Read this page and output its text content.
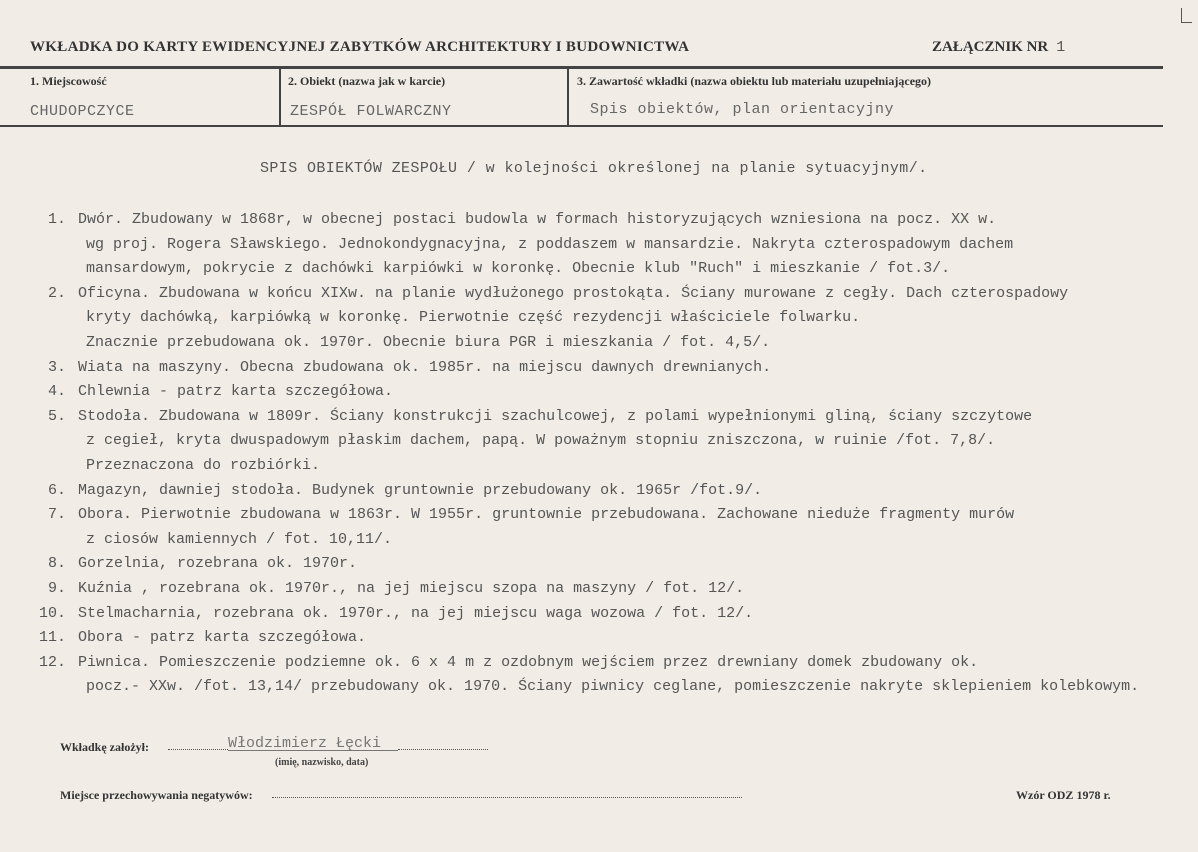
WKŁADKA DO KARTY EWIDENCYJNEJ ZABYTKÓW ARCHITEKTURY I BUDOWNICTWA	ZAŁĄCZNIK NR 1
1. Miejscowość
CHUDOPCZYCE
2. Obiekt (nazwa jak w karcie)
ZESPÓŁ FOLWARCZNY
3. Zawartość wkładki (nazwa obiektu lub materiału uzupełniającego)
Spis obiektów, plan orientacyjny
SPIS OBIEKTÓW ZESPOŁU / w kolejności określonej na planie sytuacyjnym/.
1. Dwór. Zbudowany w 1868r, w obecnej postaci budowla w formach historyzujących wzniesiona na pocz. XX w.
wg proj. Rogera Sławskiego. Jednokondygnacyjna, z poddaszem w mansardzie. Nakryta czterospadowym dachem
mansardowym, pokrycie z dachówki karpiówki w koronkę. Obecnie klub "Ruch" i mieszkanie / fot.3/.
2. Oficyna. Zbudowana w końcu XIXw. na planie wydłużonego prostokąta. Ściany murowane z cegły. Dach czterospadowy
kryty dachówką, karpiówką w koronkę. Pierwotnie część rezydencji właściciele folwarku.
Znacznie przebudowana ok. 1970r. Obecnie biura PGR i mieszkania / fot. 4,5/.
3. Wiata na maszyny. Obecna zbudowana ok. 1985r. na miejscu dawnych drewnianych.
4. Chlewnia - patrz karta szczegółowa.
5. Stodoła. Zbudowana w 1809r. Ściany konstrukcji szachulcowej, z polami wypełnionymi gliną, ściany szczytowe
z cegieł, kryta dwuspadowym płaskim dachem, papą. W poważnym stopniu zniszczona, w ruinie /fot. 7,8/.
Przeznaczona do rozbiórki.
6. Magazyn, dawniej stodoła. Budynek gruntownie przebudowany ok. 1965r /fot.9/.
7. Obora. Pierwotnie zbudowana w 1863r. W 1955r. gruntownie przebudowana. Zachowane nieduże fragmenty murów
z ciosów kamiennych / fot. 10,11/.
8. Gorzelnia, rozebrana ok. 1970r.
9. Kuźnia , rozebrana ok. 1970r., na jej miejscu szopa na maszyny / fot. 12/.
10. Stelmacharnia, rozebrana ok. 1970r., na jej miejscu waga wozowa / fot. 12/.
11. Obora - patrz karta szczegółowa.
12. Piwnica. Pomieszczenie podziemne ok. 6 x 4 m z ozdobnym wejściem przez drewniany domek zbudowany ok.
pocz.- XXw. /fot. 13,14/ przebudowany ok. 1970. Ściany piwnicy ceglane, pomieszczenie nakryte sklepieniem kolebkowym.
Wkładkę założył:	Włodzimierz Łęcki
(imię, nazwisko, data)
Miejsce przechowywania negatywów:	Wzór ODZ 1978 r.
